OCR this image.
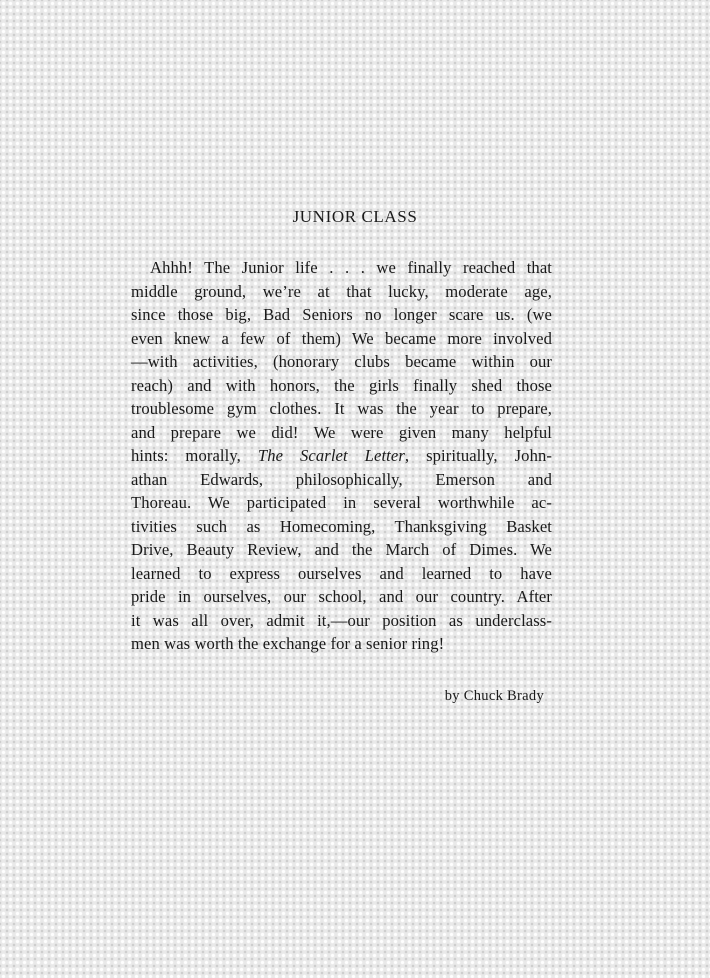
JUNIOR CLASS
Ahhh! The Junior life . . . we finally reached that
middle ground, we’re at that lucky, moderate age,
since those big, Bad Seniors no longer scare us. (we
even knew a few of them) We became more involved
—with activities, (honorary clubs became within our
reach) and with honors, the girls finally shed those
troublesome gym clothes. It was the year to prepare,
and prepare we did! We were given many helpful
hints: morally, The Scarlet Letter, spiritually, John-
athan Edwards, philosophically, Emerson and
Thoreau. We participated in several worthwhile ac-
tivities such as Homecoming, Thanksgiving Basket
Drive, Beauty Review, and the March of Dimes. We
learned to express ourselves and learned to have
pride in ourselves, our school, and our country. After
it was all over, admit it,—our position as underclass-
men was worth the exchange for a senior ring!

by Chuck Brady
